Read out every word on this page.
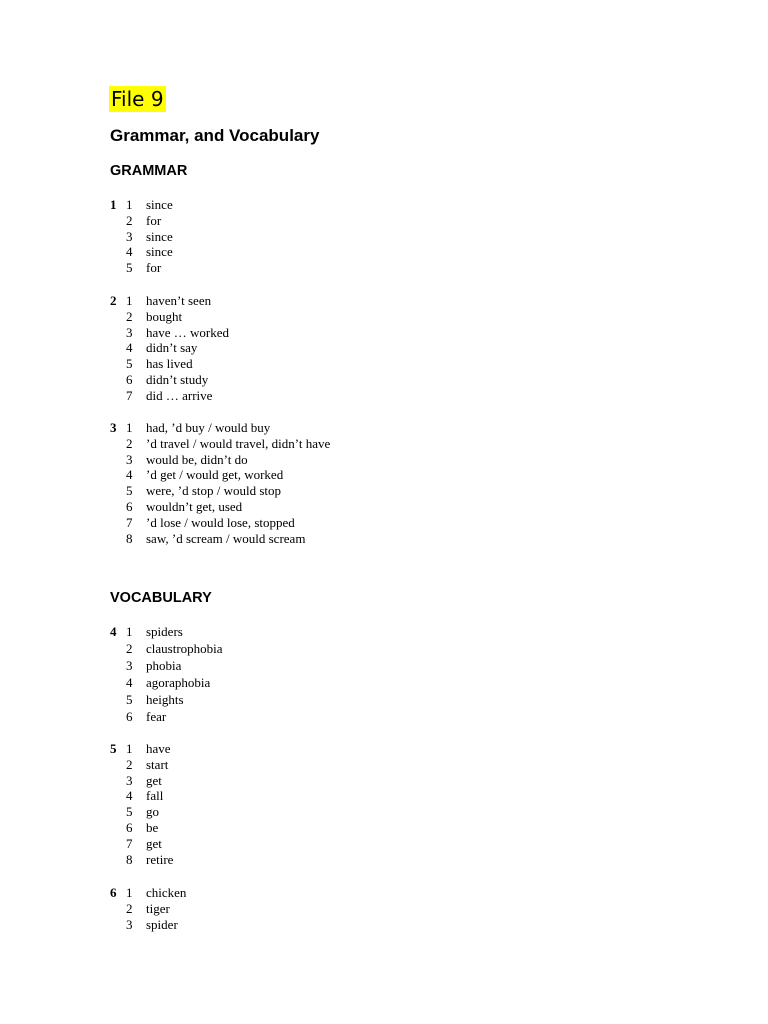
File 9
Grammar, and Vocabulary
GRAMMAR
1 1	since
2	for
3	since
4	since
5	for
2 1	haven’t seen
2	bought
3	have … worked
4	didn’t say
5	has lived
6	didn’t study
7	did … arrive
3 1	had, ’d buy / would buy
2	’d travel / would travel, didn’t have
3	would be, didn’t do
4	’d get / would get, worked
5	were, ’d stop / would stop
6	wouldn’t get, used
7	’d lose / would lose, stopped
8	saw, ’d scream / would scream
VOCABULARY
4 1	spiders
2	claustrophobia
3	phobia
4	agoraphobia
5	heights
6	fear
5 1	have
2	start
3	get
4	fall
5	go
6	be
7	get
8	retire
6 1	chicken
2	tiger
3	spider
